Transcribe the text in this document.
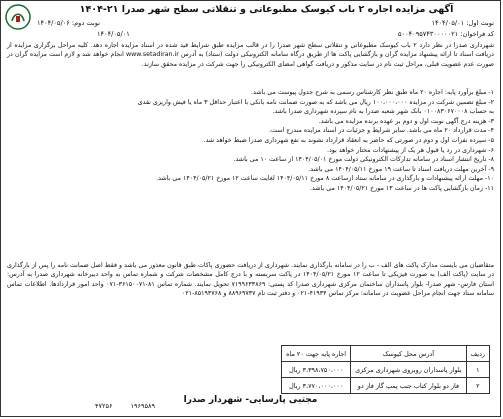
آگهی مزایده اجاره ۲ باب کیوسک مطبوعاتی و تنقلاتی سطح شهر صدرا ۲۱-۱۴۰۴
نوبت اول: ۱۴۰۴/۰۵/۰۱
کد فراخوان: ۵۰۰۴۰۹۵۷۴۳۰۰۰۰۰۲۱
نوبت دوم: ۱۴۰۴/۰۵/۰۶
۱۴۰۴/۰۵/۰۱
شهرداری صدرا در نظر دارد ۲ باب کیوسک مطبوعاتی و تنقلاتی سطح شهر صدرا را در قالب مزایده طبق شرایط قید شده در اسناد مزایده اجاره دهد. کلیه مراحل برگزاری مزایده از دریافت اسناد تا ارائه پیشنهاد مزایده گران و بازگشایی پاکت ها از طریق درگاه سامانه الکترونیکی دولت (ستاد) به آدرس www.setadiran.ir انجام خواهد شد و لازم است مزایده گران در صورت عدم عضویت قبلی، مراحل ثبت نام در سایت مذکور و دریافت گواهی امضای الکترونیکی را جهت شرکت در مزایده محقق سازند.
۱- مبلغ برآورد پایه: اجاره ۲۰ ماه طبق نظر کارشناس رسمی به شرح جدول پیوست می باشد.
۲- مبلغ تضمین شرکت در مزایده ۱۰۰،۰۰۰،۰۰۰ ریال می باشد که به صورت ضمانت نامه بانکی با اعتبار حداقل ۳ ماه یا فیش واریزی نقدی
به حساب ۰۱۰۰۸۳۰۶۷۰۰۰۸ بانک شهر شعبه صدرا به نام سپرده شهرداری صدرا باشد.
۳- هزینه درج آگهی نوبت اول و دوم بر عهده برنده مزایده می باشد.
۴- مدت قرارداد ۲۰ ماه می باشد. سایر شرایط و جزئیات در اسناد مزایده مندرج است.
۵- سپرده نفرات اول و دوم در صورتی که حاضر به انعقاد قرارداد نشوند به نفع شهرداری صدرا ضبط خواهد شد.
۶- شهرداری در رد یا قبول هر یک از پیشنهادات مختار خواهد بود.
۸- تاریخ انتشار اسناد در سامانه تدارکات الکترونیکی دولت مورخ ۱۴۰۴/۰۵/۰۱ از ساعت ۱۰ می باشد.
۹- آخرین مهلت دریافت اسناد تا ساعت ۱۹ مورخ ۱۴۰۴/۰۵/۱۱ می باشد.
۱۰- مهلت ارائه پیشنهادات و بارگذاری در سامانه ستاد ازساعت ۸ مورخ ۱۴۰۴/۰۵/۱۱ لغایت ساعت ۱۲ مورخ ۱۴۰۴/۰۵/۲۱ می باشد.
۱۱- زمان بازگشایی پاکت ها در ساعت ۱۳ مورخ ۱۴۰۴/۰۵/۲۱ می باشد.
متقاضیان می بایست مدارک پاکت های الف - ب را در سامانه بارگذاری نمایند. شهرداری از دریافت حضوری پاکات طبق قانون معذور می باشد و فقط اصل ضمانت نامه را پس از بارگذاری در سایت (پاکت الف) به صورت فیزیکی تا ساعت ۱۲ مورخ ۱۴۰۴/۰۵/۲۱ در پاکت سربسته و با درج کامل مشخصات شرکت و شماره تماس به واحد دبیرخانه شهرداری صدرا به آدرس: استان فارس- شهر صدرا- بلوار پاسداران ساختمان مرکزی شهرداری صدرا کد پستی: ۷۱۹۹۶۳۳۸۶۹ تحویل نمایند. شماره تماس ۸۱-۳۶۱۵۰۰۷۱-۰۷۱ واحد امور قراردادها. اطلاعات تماس سامانه ستاد جهت انجام مراحل عضویت در سامانه: مرکز تماس ۴۱۹۳۴-۰۲۱ و دفتر ثبت نام ۸۸۹۶۹۷۳۷ و ۸۵۱۹۳۷۶۸-۰۲۱
ردیف	آدرس محل کیوسک	اجاره پایه جهت ۲۰ ماه
۱	بلوار پاسداران روبروی شهرداری مرکزی	۳،۳۹۸،۷۵۰،۰۰۰ ریال
۲	فاز دو بلوار کتاب جنب پمپ گاز فاز دو	۳،۷۷۰،۰۰۰،۰۰۰ ریال
۱۹۶۹۵۸۹ ۴۷۲۵۶
مجتبی پارسایی- شهردار صدرا
